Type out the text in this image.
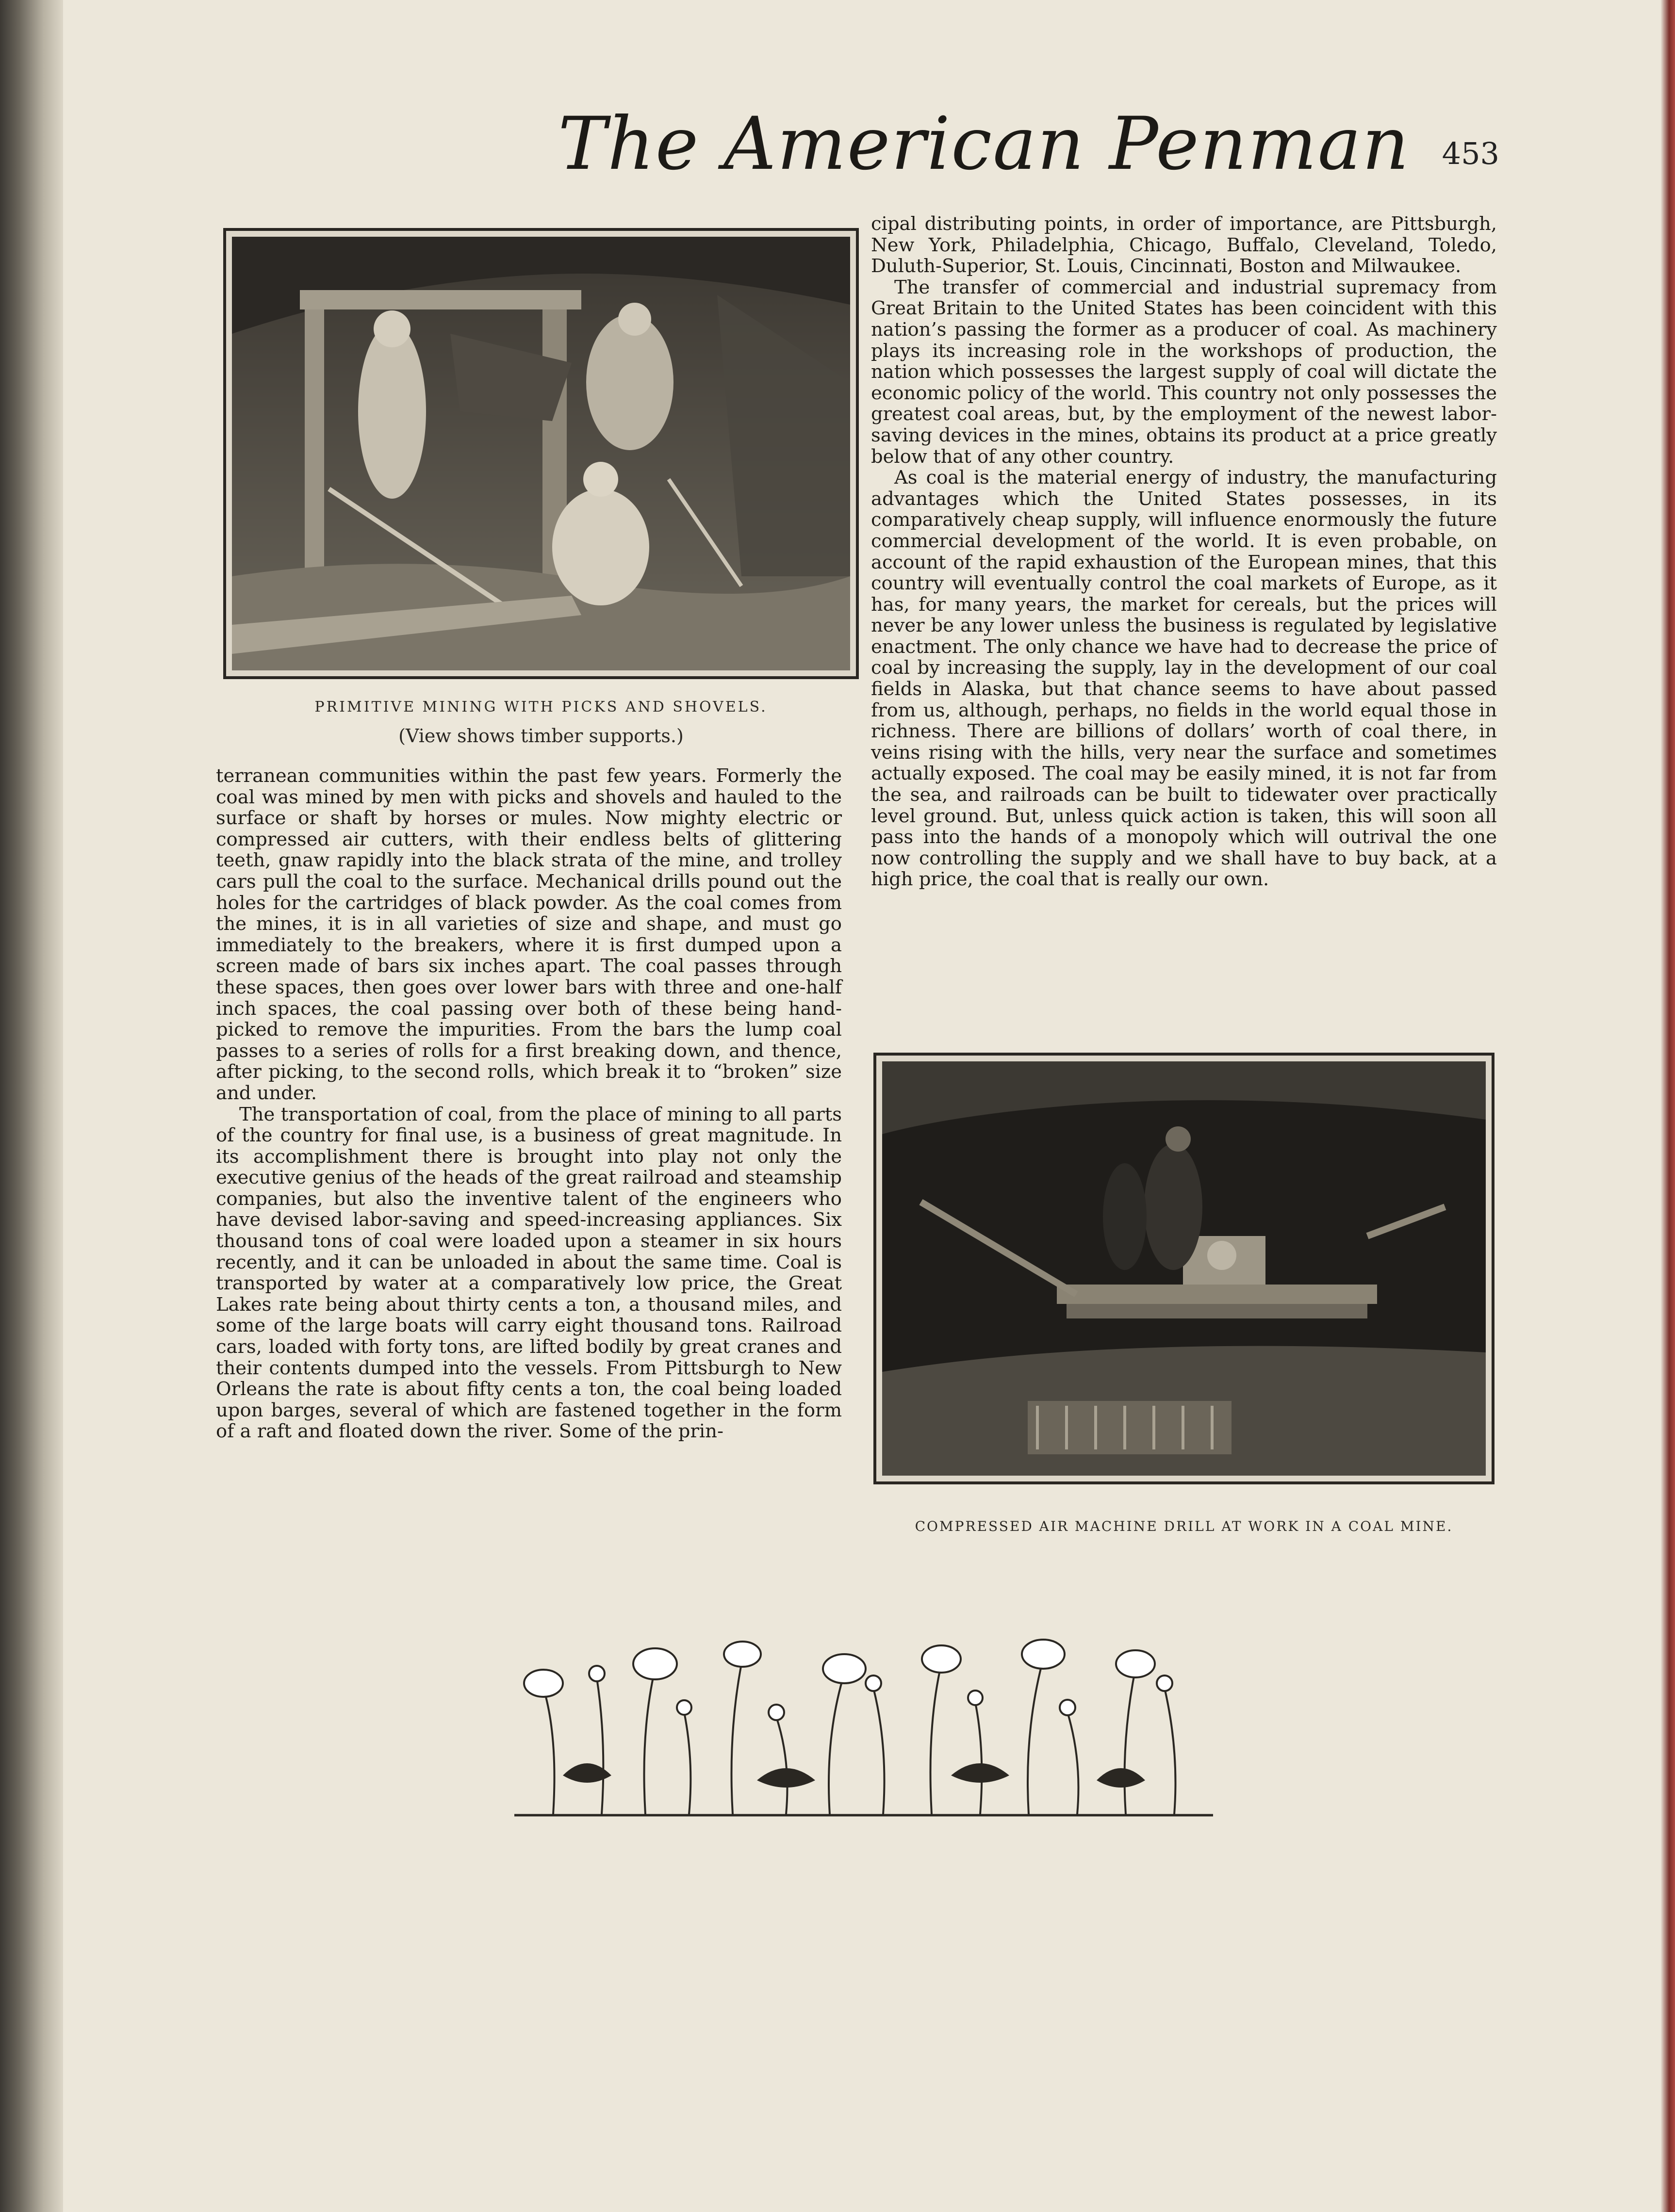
The American Penman	453
PRIMITIVE MINING WITH PICKS AND SHOVELS.
(View shows timber supports.)

terranean communities within the past few years. Formerly the coal was mined by men with picks and shovels and hauled to the surface or shaft by horses or mules. Now mighty electric or compressed air cutters, with their endless belts of glittering teeth, gnaw rapidly into the black strata of the mine, and trolley cars pull the coal to the surface. Mechanical drills pound out the holes for the cartridges of black powder. As the coal comes from the mines, it is in all varieties of size and shape, and must go immediately to the breakers, where it is first dumped upon a screen made of bars six inches apart. The coal passes through these spaces, then goes over lower bars with three and one-half inch spaces, the coal passing over both of these being hand-picked to remove the impurities. From the bars the lump coal passes to a series of rolls for a first breaking down, and thence, after picking, to the second rolls, which break it to “broken” size and under.

The transportation of coal, from the place of mining to all parts of the country for final use, is a business of great magnitude. In its accomplishment there is brought into play not only the executive genius of the heads of the great railroad and steamship companies, but also the inventive talent of the engineers who have devised labor-saving and speed-increasing appliances. Six thousand tons of coal were loaded upon a steamer in six hours recently, and it can be unloaded in about the same time. Coal is transported by water at a comparatively low price, the Great Lakes rate being about thirty cents a ton, a thousand miles, and some of the large boats will carry eight thousand tons. Railroad cars, loaded with forty tons, are lifted bodily by great cranes and their contents dumped into the vessels. From Pittsburgh to New Orleans the rate is about fifty cents a ton, the coal being loaded upon barges, several of which are fastened together in the form of a raft and floated down the river. Some of the prin-

cipal distributing points, in order of importance, are Pittsburgh, New York, Philadelphia, Chicago, Buffalo, Cleveland, Toledo, Duluth-Superior, St. Louis, Cincinnati, Boston and Milwaukee.

The transfer of commercial and industrial supremacy from Great Britain to the United States has been coincident with this nation’s passing the former as a producer of coal. As machinery plays its increasing role in the workshops of production, the nation which possesses the largest supply of coal will dictate the economic policy of the world. This country not only possesses the greatest coal areas, but, by the employment of the newest labor-saving devices in the mines, obtains its product at a price greatly below that of any other country.

As coal is the material energy of industry, the manufacturing advantages which the United States possesses, in its comparatively cheap supply, will influence enormously the future commercial development of the world. It is even probable, on account of the rapid exhaustion of the European mines, that this country will eventually control the coal markets of Europe, as it has, for many years, the market for cereals, but the prices will never be any lower unless the business is regulated by legislative enactment. The only chance we have had to decrease the price of coal by increasing the supply, lay in the development of our coal fields in Alaska, but that chance seems to have about passed from us, although, perhaps, no fields in the world equal those in richness. There are billions of dollars’ worth of coal there, in veins rising with the hills, very near the surface and sometimes actually exposed. The coal may be easily mined, it is not far from the sea, and railroads can be built to tidewater over practically level ground. But, unless quick action is taken, this will soon all pass into the hands of a monopoly which will outrival the one now controlling the supply and we shall have to buy back, at a high price, the coal that is really our own.

COMPRESSED AIR MACHINE DRILL AT WORK IN A COAL MINE.
